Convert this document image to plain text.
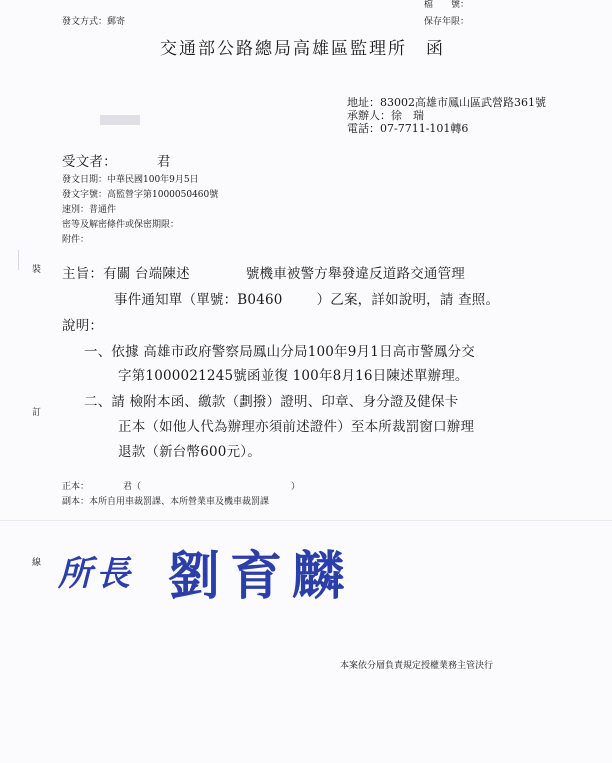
檔　　號：
保存年限：
發文方式：郵寄
交通部公路總局高雄區監理所　函
地址：83002高雄市鳳山區武營路361號
承辦人：徐　瑞
電話：07-7711-101轉6
受文者：	君
發文日期：中華民國100年9月5日
發文字號：高監營字第1000050460號
速別：普通件
密等及解密條件或保密期限：
附件：
裝
訂
線
主旨：有關 台端陳述	號機車被警方舉發違反道路交通管理
事件通知單（單號：B0460	）乙案，詳如說明，請 查照。
說明：
一、依據 高雄市政府警察局鳳山分局100年9月1日高市警鳳分交
字第1000021245號函並復 100年8月16日陳述單辦理。
二、請 檢附本函、繳款（劃撥）證明、印章、身分證及健保卡
正本（如他人代為辦理亦須前述證件）至本所裁罰窗口辦理
退款（新台幣600元）。
正本：	君（	）
副本：本所自用車裁罰課、本所營業車及機車裁罰課
所長 劉育麟
本案依分層負責規定授權業務主管決行
